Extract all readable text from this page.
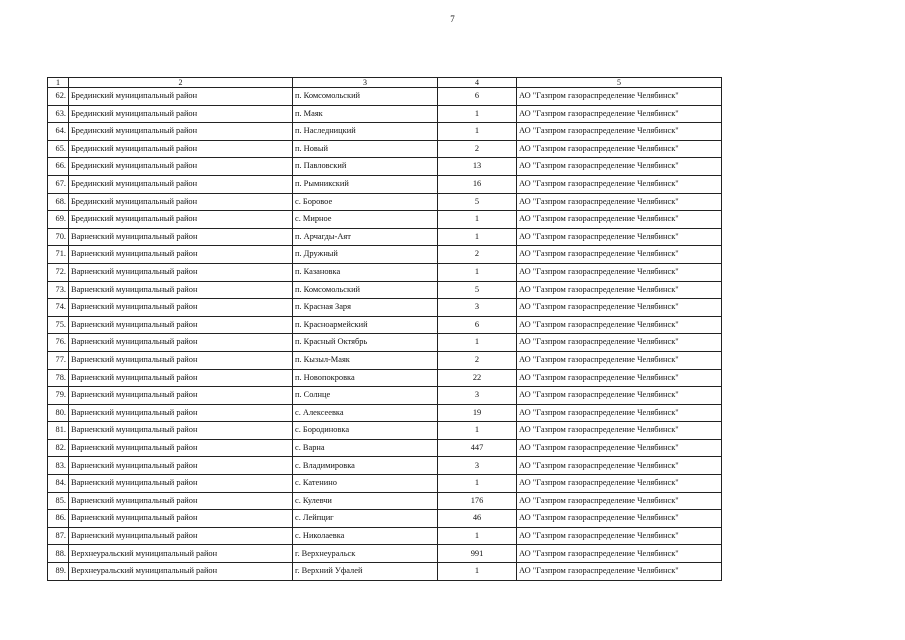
7
1	2	3	4	5
62.	Брединский муниципальный район	п. Комсомольский	6	АО "Газпром газораспределение Челябинск"
63.	Брединский муниципальный район	п. Маяк	1	АО "Газпром газораспределение Челябинск"
64.	Брединский муниципальный район	п. Наследницкий	1	АО "Газпром газораспределение Челябинск"
65.	Брединский муниципальный район	п. Новый	2	АО "Газпром газораспределение Челябинск"
66.	Брединский муниципальный район	п. Павловский	13	АО "Газпром газораспределение Челябинск"
67.	Брединский муниципальный район	п. Рымникский	16	АО "Газпром газораспределение Челябинск"
68.	Брединский муниципальный район	с. Боровое	5	АО "Газпром газораспределение Челябинск"
69.	Брединский муниципальный район	с. Мирное	1	АО "Газпром газораспределение Челябинск"
70.	Варненский муниципальный район	п. Арчагды-Аят	1	АО "Газпром газораспределение Челябинск"
71.	Варненский муниципальный район	п. Дружный	2	АО "Газпром газораспределение Челябинск"
72.	Варненский муниципальный район	п. Казановка	1	АО "Газпром газораспределение Челябинск"
73.	Варненский муниципальный район	п. Комсомольский	5	АО "Газпром газораспределение Челябинск"
74.	Варненский муниципальный район	п. Красная Заря	3	АО "Газпром газораспределение Челябинск"
75.	Варненский муниципальный район	п. Красноармейский	6	АО "Газпром газораспределение Челябинск"
76.	Варненский муниципальный район	п. Красный Октябрь	1	АО "Газпром газораспределение Челябинск"
77.	Варненский муниципальный район	п. Кызыл-Маяк	2	АО "Газпром газораспределение Челябинск"
78.	Варненский муниципальный район	п. Новопокровка	22	АО "Газпром газораспределение Челябинск"
79.	Варненский муниципальный район	п. Солнце	3	АО "Газпром газораспределение Челябинск"
80.	Варненский муниципальный район	с. Алексеевка	19	АО "Газпром газораспределение Челябинск"
81.	Варненский муниципальный район	с. Бородиновка	1	АО "Газпром газораспределение Челябинск"
82.	Варненский муниципальный район	с. Варна	447	АО "Газпром газораспределение Челябинск"
83.	Варненский муниципальный район	с. Владимировка	3	АО "Газпром газораспределение Челябинск"
84.	Варненский муниципальный район	с. Катенино	1	АО "Газпром газораспределение Челябинск"
85.	Варненский муниципальный район	с. Кулевчи	176	АО "Газпром газораспределение Челябинск"
86.	Варненский муниципальный район	с. Лейпциг	46	АО "Газпром газораспределение Челябинск"
87.	Варненский муниципальный район	с. Николаевка	1	АО "Газпром газораспределение Челябинск"
88.	Верхнеуральский муниципальный район	г. Верхнеуральск	991	АО "Газпром газораспределение Челябинск"
89.	Верхнеуральский муниципальный район	г. Верхний Уфалей	1	АО "Газпром газораспределение Челябинск"
